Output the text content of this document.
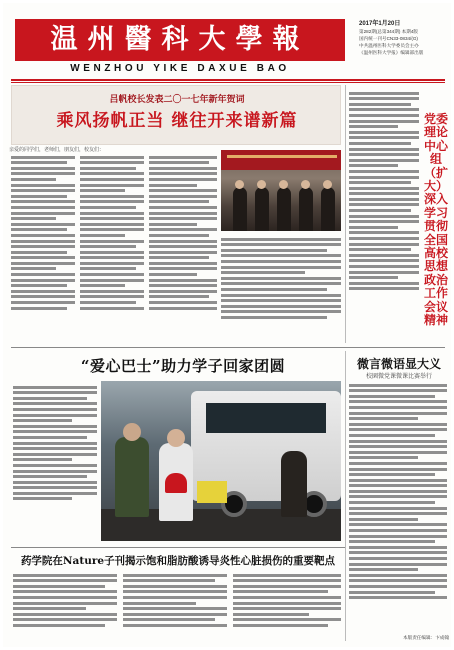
温州醫科大學報
WENZHOU YIKE DAXUE BAO
2017年1月20日
第282期(总第344期) 本期4版
国内统一刊号CN33-0834/(G)
中共温州医科大学委员会主办
《温州医科大学报》编辑部出版
吕帆校长发表二〇一七年新年贺词
乘风扬帆正当 继往开来谱新篇
亲爱的同学们，老师们，朋友们，校友们：
党委理论中心组（扩大）深入学习贯彻全国高校思想政治工作会议精神
“爱心巴士”助力学子回家团圆	微言微语显大义
校園微党课微课比赛举行
药学院在Nature子刊揭示饱和脂肪酸诱导炎性心脏损伤的重要靶点
本版责任编辑：卞成翰
